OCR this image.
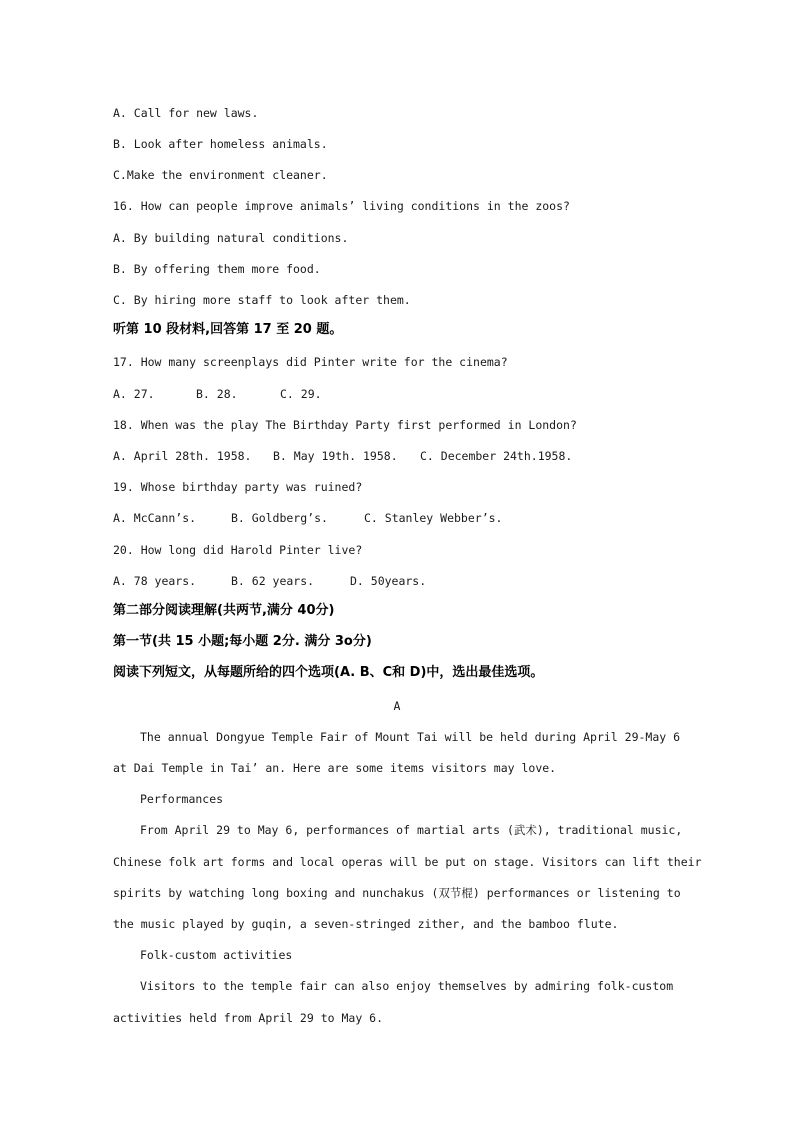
A. Call for new laws.
B. Look after homeless animals.
C.Make the environment cleaner.
16. How can people improve animals’ living conditions in the zoos?
A. By building natural conditions.
B. By offering them more food.
C. By hiring more staff to look after them.
听第 10 段材料,回答第 17 至 20 题。
17. How many screenplays did Pinter write for the cinema?
A. 27.	B. 28.	C. 29.
18. When was the play The Birthday Party first performed in London?
A. April 28th. 1958. B. May 19th. 1958. C. December 24th.1958.
19. Whose birthday party was ruined?
A. McCann’s.	B. Goldberg’s.	C. Stanley Webber’s.
20. How long did Harold Pinter live?
A. 78 years.	B. 62 years.	D. 50years.
第二部分阅读理解(共两节,满分 40分)
第一节(共 15 小题;每小题 2分. 满分 3o分)
阅读下列短文，从每题所给的四个选项(A. B、C和 D)中，选出最佳选项。
A
The annual Dongyue Temple Fair of Mount Tai will be held during April 29-May 6
at Dai Temple in Tai’ an. Here are some items visitors may love.
Performances
From April 29 to May 6, performances of martial arts (武术), traditional music,
Chinese folk art forms and local operas will be put on stage. Visitors can lift their
spirits by watching long boxing and nunchakus (双节棍) performances or listening to
the music played by guqin, a seven-stringed zither, and the bamboo flute.
Folk-custom activities
Visitors to the temple fair can also enjoy themselves by admiring folk-custom
activities held from April 29 to May 6.
